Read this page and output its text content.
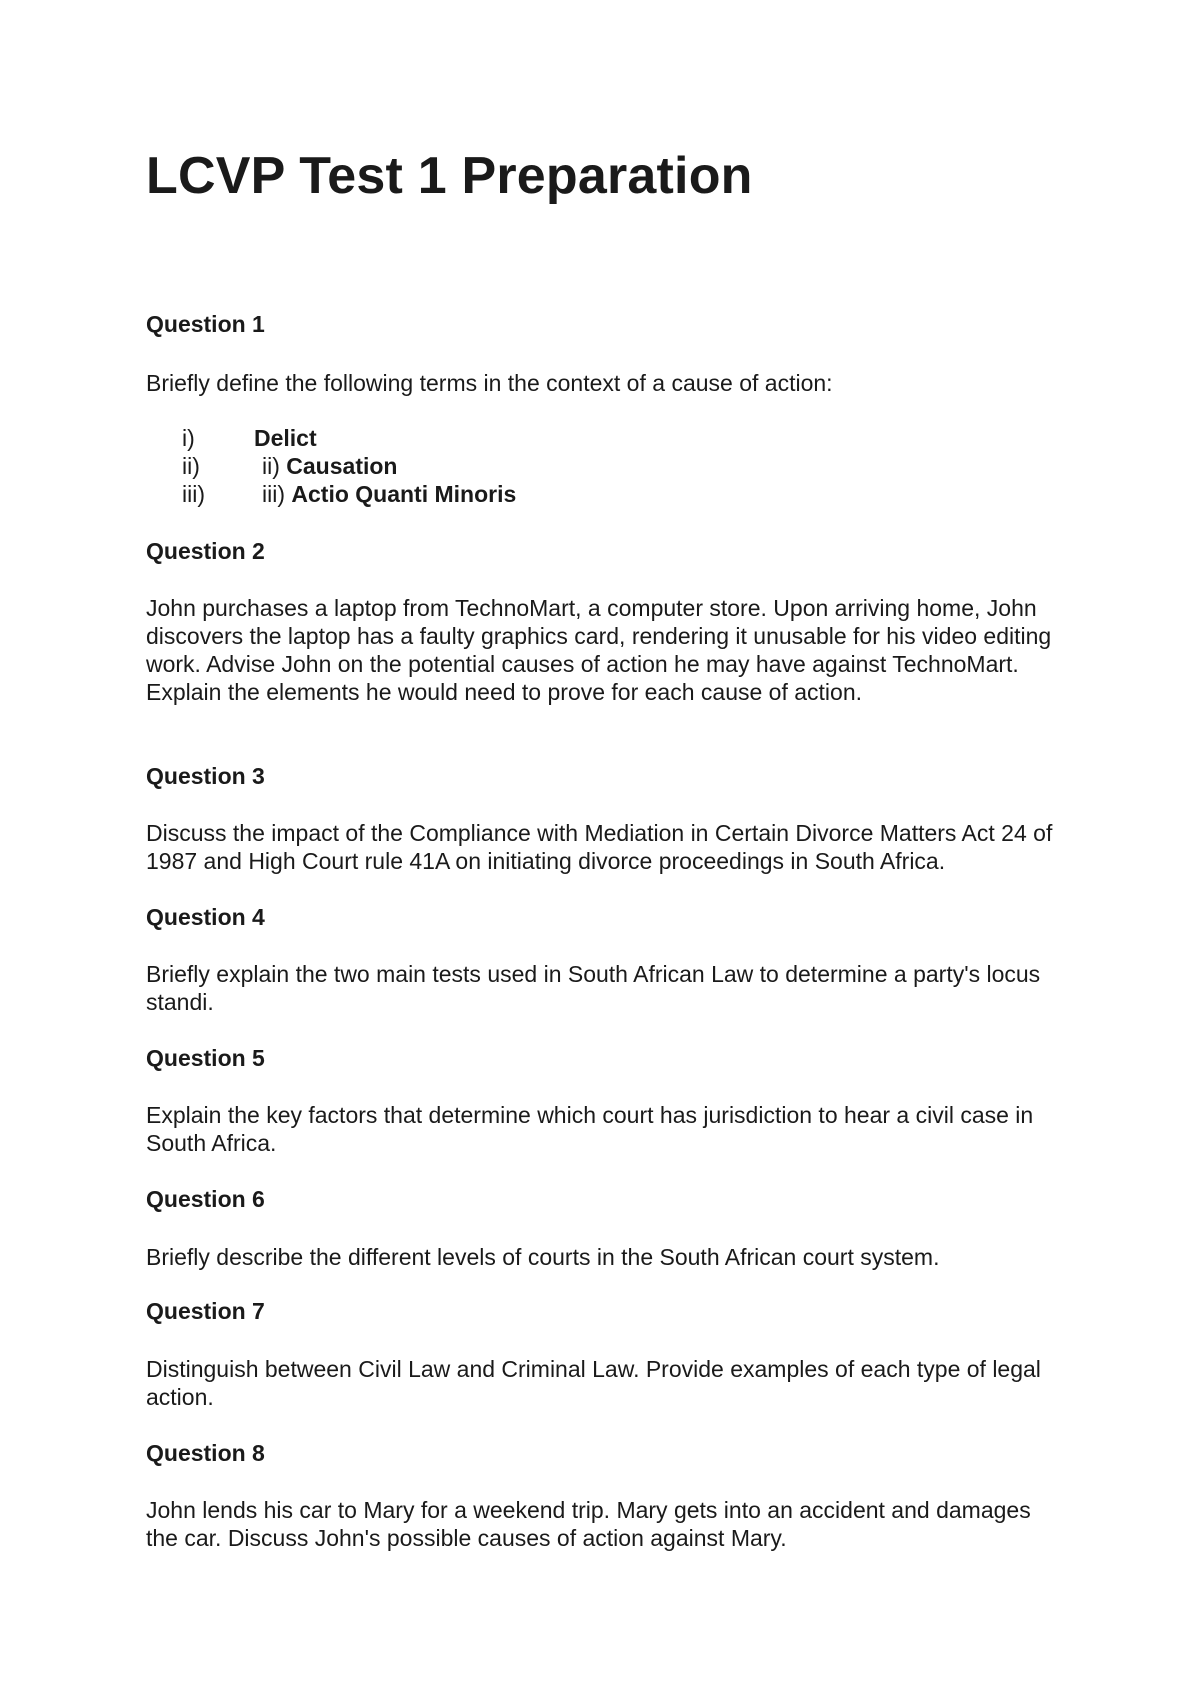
LCVP Test 1 Preparation
Question 1

Briefly define the following terms in the context of a cause of action:

i)	Delict
ii)	ii) Causation
iii) iii) Actio Quanti Minoris
Question 2

John purchases a laptop from TechnoMart, a computer store. Upon arriving home, John discovers the laptop has a faulty graphics card, rendering it unusable for his video editing work. Advise John on the potential causes of action he may have against TechnoMart. Explain the elements he would need to prove for each cause of action.

Question 3

Discuss the impact of the Compliance with Mediation in Certain Divorce Matters Act 24 of 1987 and High Court rule 41A on initiating divorce proceedings in South Africa.

Question 4

Briefly explain the two main tests used in South African Law to determine a party's locus standi.

Question 5

Explain the key factors that determine which court has jurisdiction to hear a civil case in South Africa.

Question 6

Briefly describe the different levels of courts in the South African court system.

Question 7

Distinguish between Civil Law and Criminal Law. Provide examples of each type of legal action.

Question 8

John lends his car to Mary for a weekend trip. Mary gets into an accident and damages the car. Discuss John's possible causes of action against Mary.
